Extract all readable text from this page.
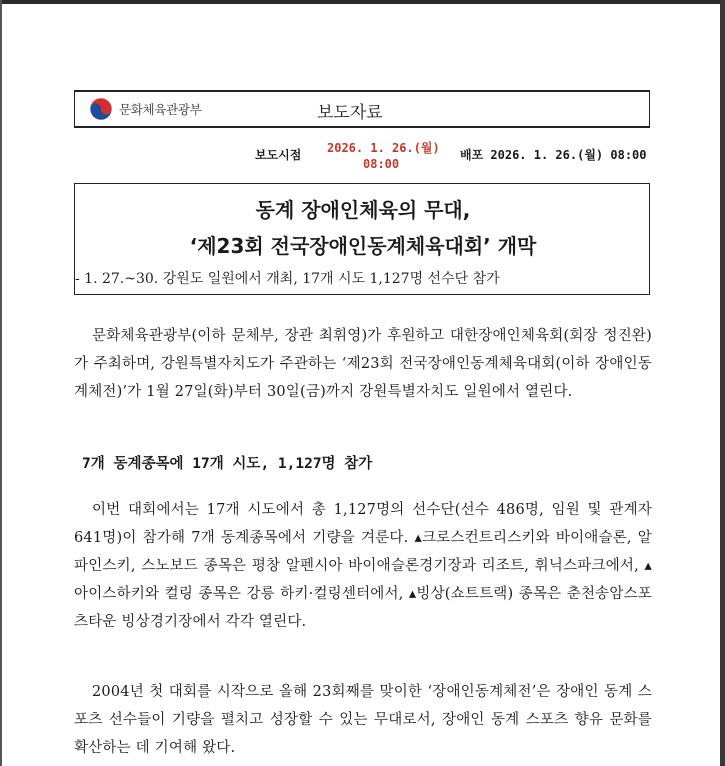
문화체육관광부	보도자료
보도시점 2026. 1. 26.(월)
08:00
배포 2026. 1. 26.(월) 08:00
동계 장애인체육의 무대,
‘제23회 전국장애인동계체육대회’ 개막
- 1. 27.~30. 강원도 일원에서 개최, 17개 시도 1,127명 선수단 참가

문화체육관광부(이하 문체부, 장관 최휘영)가 후원하고 대한장애인체육회(회장 정진완)가 주최하며, 강원특별자치도가 주관하는 ‘제23회 전국장애인동계체육대회(이하 장애인동계체전)’가 1월 27일(화)부터 30일(금)까지 강원특별자치도 일원에서 열린다.

7개 동계종목에 17개 시도, 1,127명 참가

이번 대회에서는 17개 시도에서 총 1,127명의 선수단(선수 486명, 임원 및 관계자 641명)이 참가해 7개 동계종목에서 기량을 겨룬다. ▴크로스컨트리스키와 바이애슬론, 알파인스키, 스노보드 종목은 평창 알펜시아 바이애슬론경기장과 리조트, 휘닉스파크에서, ▴아이스하키와 컬링 종목은 강릉 하키·컬링센터에서, ▴빙상(쇼트트랙) 종목은 춘천송암스포츠타운 빙상경기장에서 각각 열린다.

2004년 첫 대회를 시작으로 올해 23회째를 맞이한 ‘장애인동계체전’은 장애인 동계 스포츠 선수들이 기량을 펼치고 성장할 수 있는 무대로서, 장애인 동계 스포츠 향유 문화를 확산하는 데 기여해 왔다.
